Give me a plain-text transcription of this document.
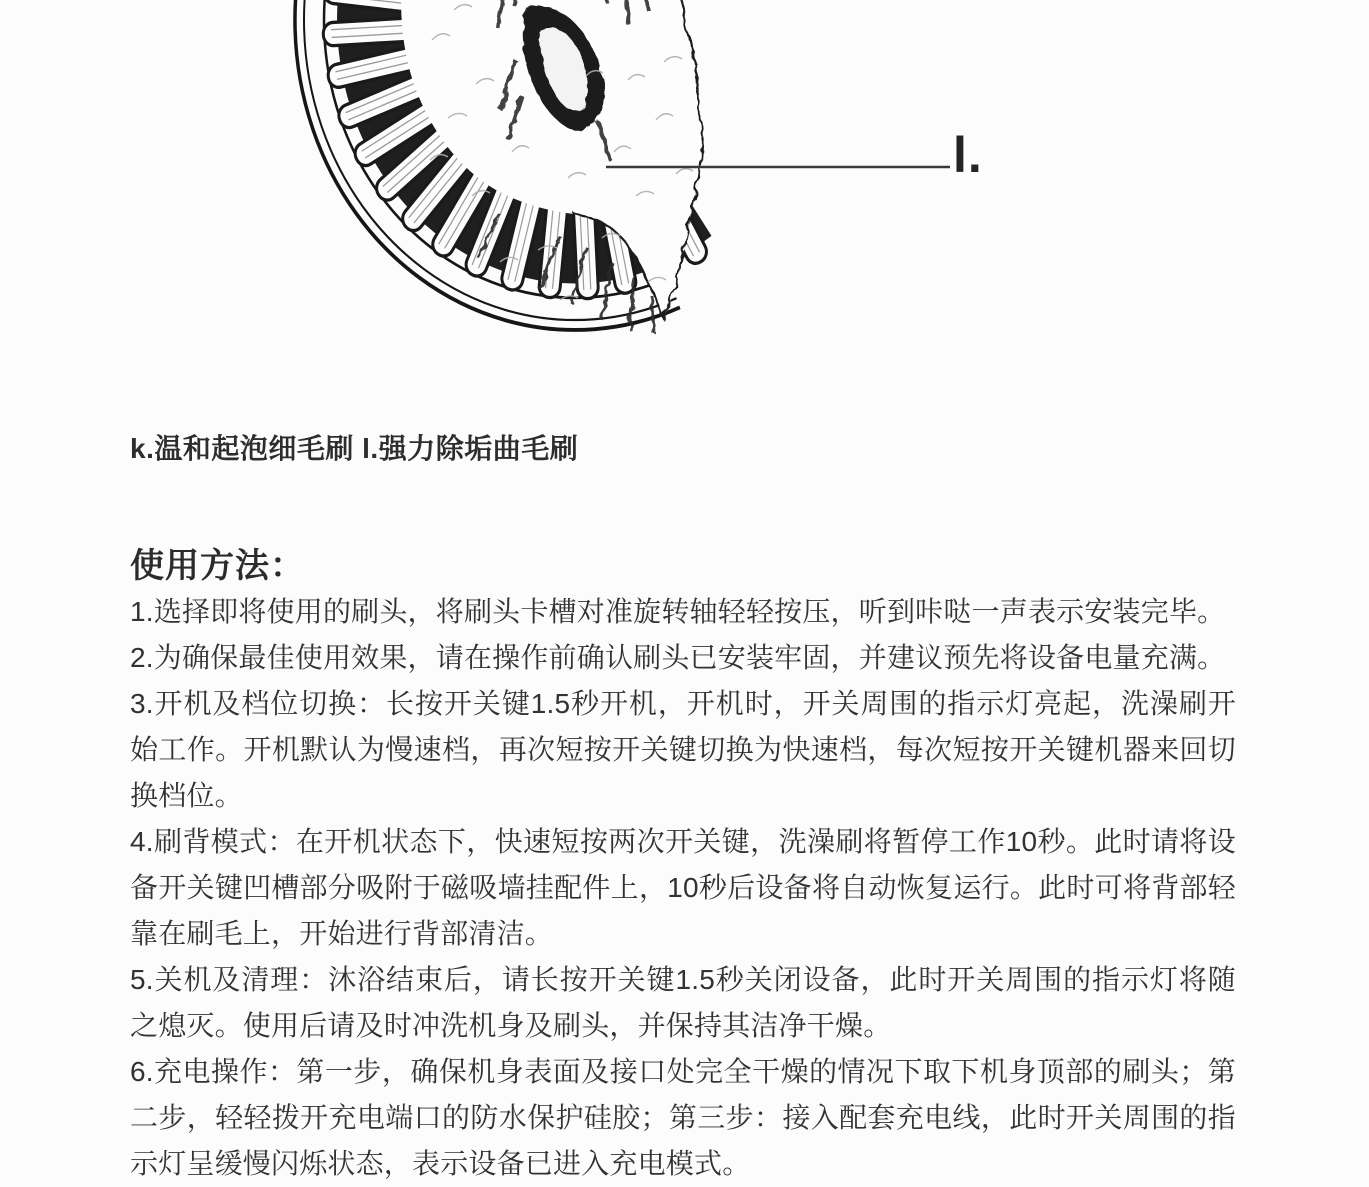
l.
k.温和起泡细毛刷 l.强力除垢曲毛刷
使用方法：

1.选择即将使用的刷头，将刷头卡槽对准旋转轴轻轻按压，听到咔哒一声表示安装完毕。

2.为确保最佳使用效果，请在操作前确认刷头已安装牢固，并建议预先将设备电量充满。

3.开机及档位切换：长按开关键1.5秒开机，开机时，开关周围的指示灯亮起，洗澡刷开始工作。开机默认为慢速档，再次短按开关键切换为快速档，每次短按开关键机器来回切换档位。

4.刷背模式：在开机状态下，快速短按两次开关键，洗澡刷将暂停工作10秒。此时请将设备开关键凹槽部分吸附于磁吸墙挂配件上，10秒后设备将自动恢复运行。此时可将背部轻靠在刷毛上，开始进行背部清洁。

5.关机及清理：沐浴结束后，请长按开关键1.5秒关闭设备，此时开关周围的指示灯将随之熄灭。使用后请及时冲洗机身及刷头，并保持其洁净干燥。

6.充电操作：第一步，确保机身表面及接口处完全干燥的情况下取下机身顶部的刷头；第二步，轻轻拨开充电端口的防水保护硅胶；第三步：接入配套充电线，此时开关周围的指示灯呈缓慢闪烁状态，表示设备已进入充电模式。
